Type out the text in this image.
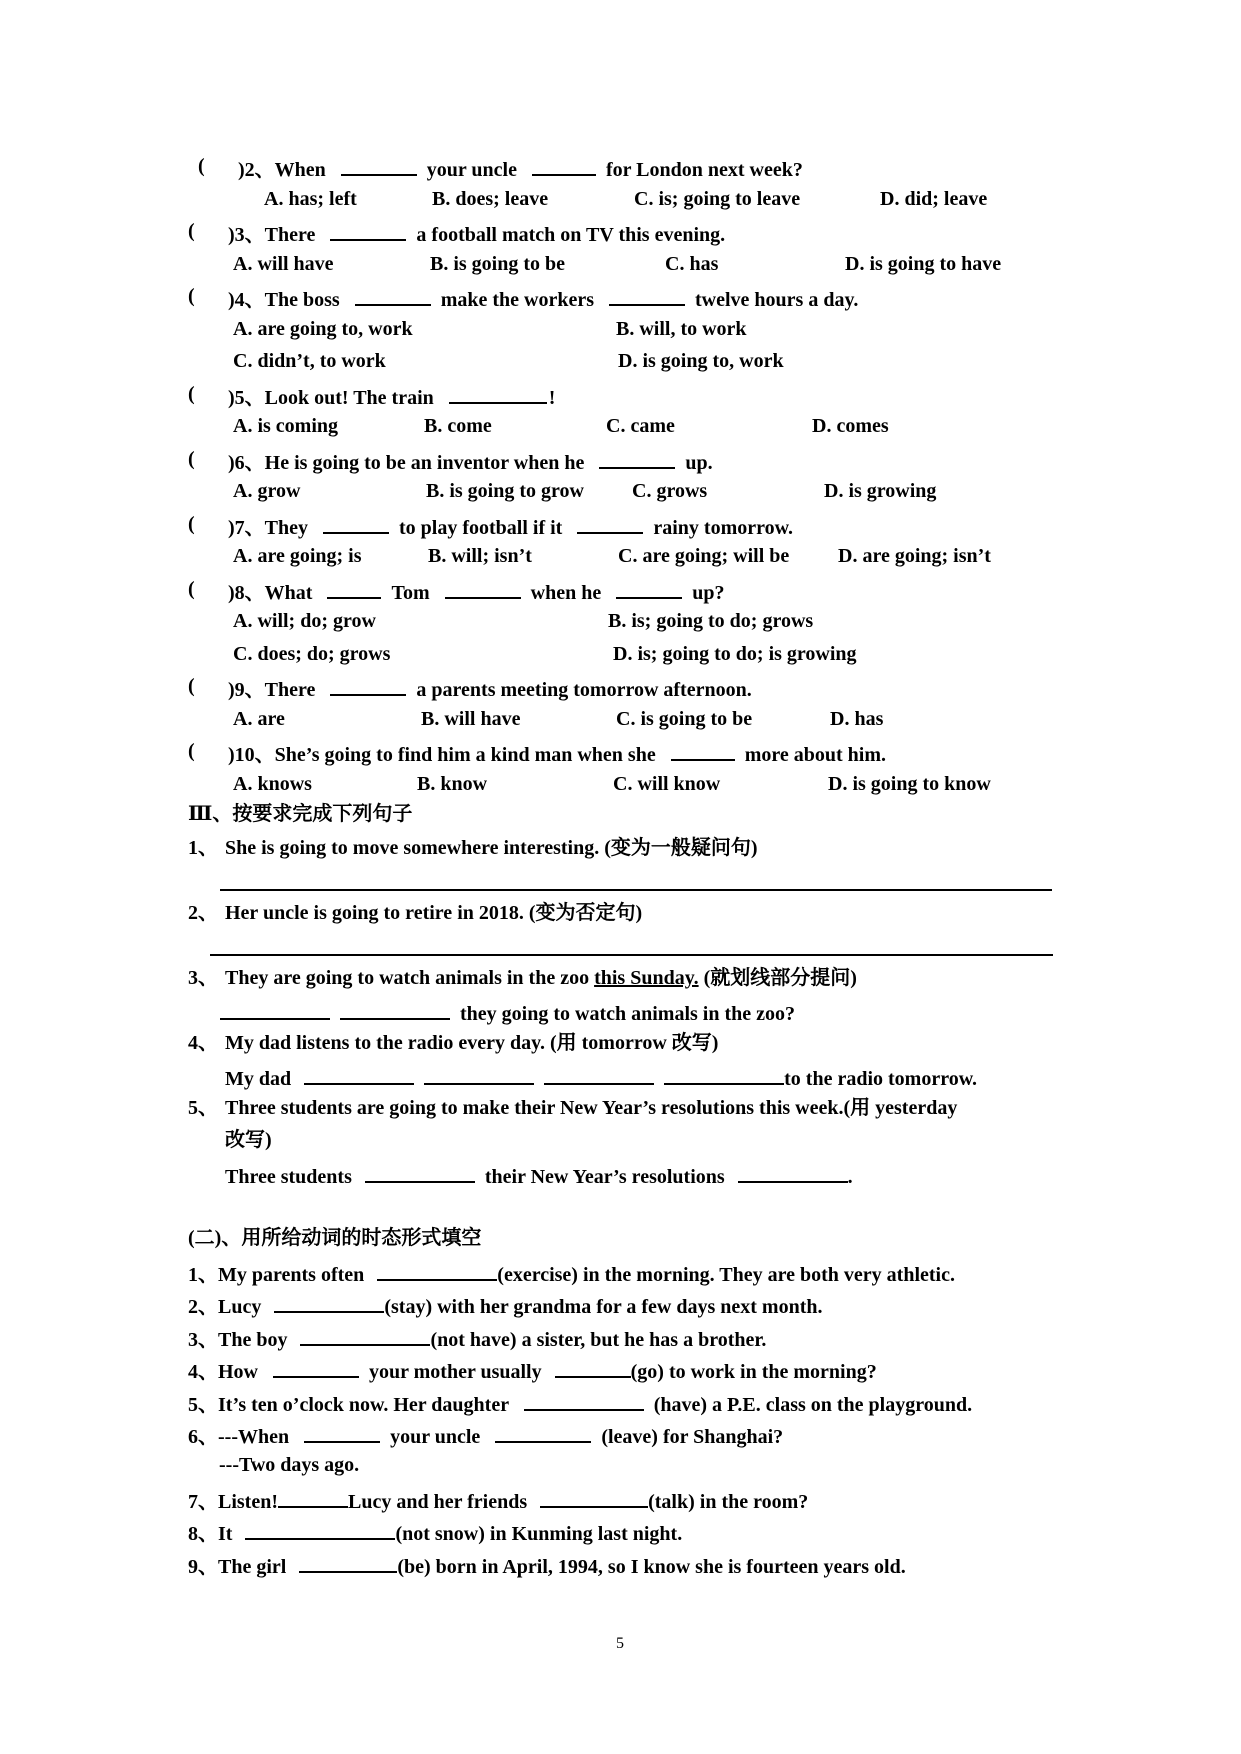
( )2、When	your uncle	for London next week?
A. has; left	B. does; leave	C. is; going to leave	D. did; leave
( )3、There	a football match on TV this evening.
A. will have	B. is going to be	C. has	D. is going to have
( )4、The boss	make the workers	twelve hours a day.
A. are going to, work	B. will, to work
C. didn’t, to work	D. is going to, work
( )5、Look out! The train	!
A. is coming	B. come	C. came	D. comes
( )6、He is going to be an inventor when he	up.
A. grow	B. is going to grow C. grows	D. is growing
( )7、They	to play football if it	rainy tomorrow.
A. are going; is	B. will; isn’t	C. are going; will be D. are going; isn’t
( )8、What	Tom	when he	up?
A. will; do; grow	B. is; going to do; grows
C. does; do; grows	D. is; going to do; is growing
( )9、There	a parents meeting tomorrow afternoon.
A. are	B. will have	C. is going to be	D. has
( )10、She’s going to find him a kind man when she	more about him.
A. knows	B. know	C. will know	D. is going to know
Ⅲ、按要求完成下列句子
1、 She is going to move somewhere interesting. (变为一般疑问句)
2、 Her uncle is going to retire in 2018. (变为否定句)
3、 They are going to watch animals in the zoo this Sunday. (就划线部分提问)
they going to watch animals in the zoo?
4、 My dad listens to the radio every day. (用 tomorrow 改写)
My dad	to the radio tomorrow.
5、 Three students are going to make their New Year’s resolutions this week.(用 yesterday
改写)
Three students	their New Year’s resolutions	.
(二)、用所给动词的时态形式填空
1、My parents often	(exercise) in the morning. They are both very athletic.
2、Lucy	(stay) with her grandma for a few days next month.
3、The boy	(not have) a sister, but he has a brother.
4、How	your mother usually	(go) to work in the morning?
5、It’s ten o’clock now. Her daughter	(have) a P.E. class on the playground.
6、---When	your uncle	(leave) for Shanghai?
---Two days ago.
7、Listen!	Lucy and her friends	(talk) in the room?
8、It	(not snow) in Kunming last night.
9、The girl	(be) born in April, 1994, so I know she is fourteen years old.
5
